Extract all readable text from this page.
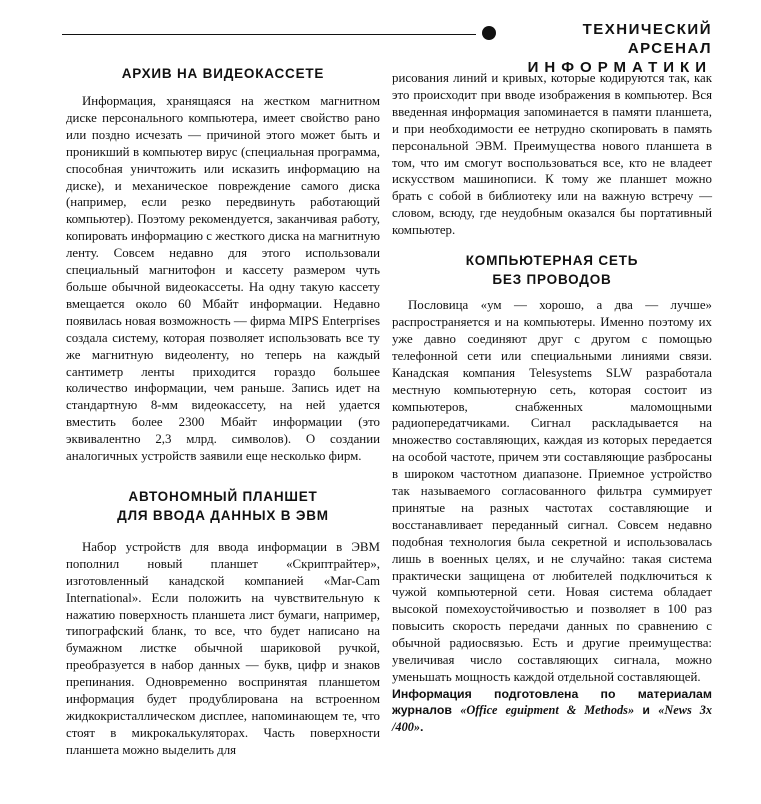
ТЕХНИЧЕСКИЙ АРСЕНАЛ
ИНФОРМАТИКИ
АРХИВ НА ВИДЕОКАССЕТЕ

Информация, хранящаяся на жестком магнитном диске персонального компьютера, имеет свойство рано или поздно исчезать — причиной этого может быть и проникший в компьютер вирус (специальная программа, способная уничтожить или исказить информацию на диске), и механическое повреждение самого диска (например, если резко передвинуть работающий компьютер). Поэтому рекомендуется, заканчивая работу, копировать информацию с жесткого диска на магнитную ленту. Совсем недавно для этого использовали специальный магнитофон и кассету размером чуть больше обычной видеокассеты. На одну такую кассету вмещается около 60 Мбайт информации. Недавно появилась новая возможность — фирма MIPS Enterprises создала систему, которая позволяет использовать все ту же магнитную видеоленту, но теперь на каждый сантиметр ленты приходится гораздо большее количество информации, чем раньше. Запись идет на стандартную 8-мм видеокассету, на ней удается вместить более 2300 Мбайт информации (это эквивалентно 2,3 млрд. символов). О создании аналогичных устройств заявили еще несколько фирм.

АВТОНОМНЫЙ ПЛАНШЕТ
ДЛЯ ВВОДА ДАННЫХ В ЭВМ

Набор устройств для ввода информации в ЭВМ пополнил новый планшет «Скриптрайтер», изготовленный канадской компанией «Mar-Cam International». Если положить на чувствительную к нажатию поверхность планшета лист бумаги, например, типографский блaнк, то все, что будет написано на бумажном листке обычной шариковой ручкой, преобразуется в набор данных — букв, цифр и знаков препинания. Одновременно воспринятая планшетом информация будет продублирована на встроенном жидкокристаллическом дисплее, напоминающем те, что стоят в микрокалькуляторах. Часть поверхности планшета можно выделить для

рисования линий и кривых, которые кодируются так, как это происходит при вводе изображения в компьютер. Вся введенная информация запоминается в памяти планшета, и при необходимости ее нетрудно скопировать в память персональной ЭВМ. Преимущества нового планшета в том, что им смогут воспользоваться все, кто не владеет искусством машинописи. К тому же планшет можно брать с собой в библиотеку или на важную встречу — словом, всюду, где неудобным оказался бы портативный компьютер.

КОМПЬЮТЕРНАЯ СЕТЬ
БЕЗ ПРОВОДОВ

Пословица «ум — хорошо, а два — лучше» распространяется и на компьютеры. Именно поэтому их уже давно соединяют друг с другом с помощью телефонной сети или специальными линиями связи. Канадская компания Telesystems SLW разработала местную компьютерную сеть, которая состоит из компьютеров, снабженных маломощными радиопередатчиками. Сигнал раскладывается на множество составляющих, каждая из которых передается на особой частоте, причем эти составляющие разбросаны в широком частотном диапазоне. Приемное устройство так называемого согласованного фильтра суммирует принятые на разных частотах составляющие и восстанавливает переданный сигнал. Совсем недавно подобная технология была секретной и использовалась лишь в военных целях, и не случайно: такая система практически защищена от любителей подключиться к чужой компьютерной сети. Новая система обладает высокой помехоустойчивостью и позволяет в 100 раз повысить скорость передачи данных по сравнению с обычной радиосвязью. Есть и другие преимущества: увеличивая число составляющих сигнала, можно уменьшать мощность каждой отдельной составляющей.

Информация подготовлена по материалам журналов «Office eguipment & Methods» и «News 3x /400».
